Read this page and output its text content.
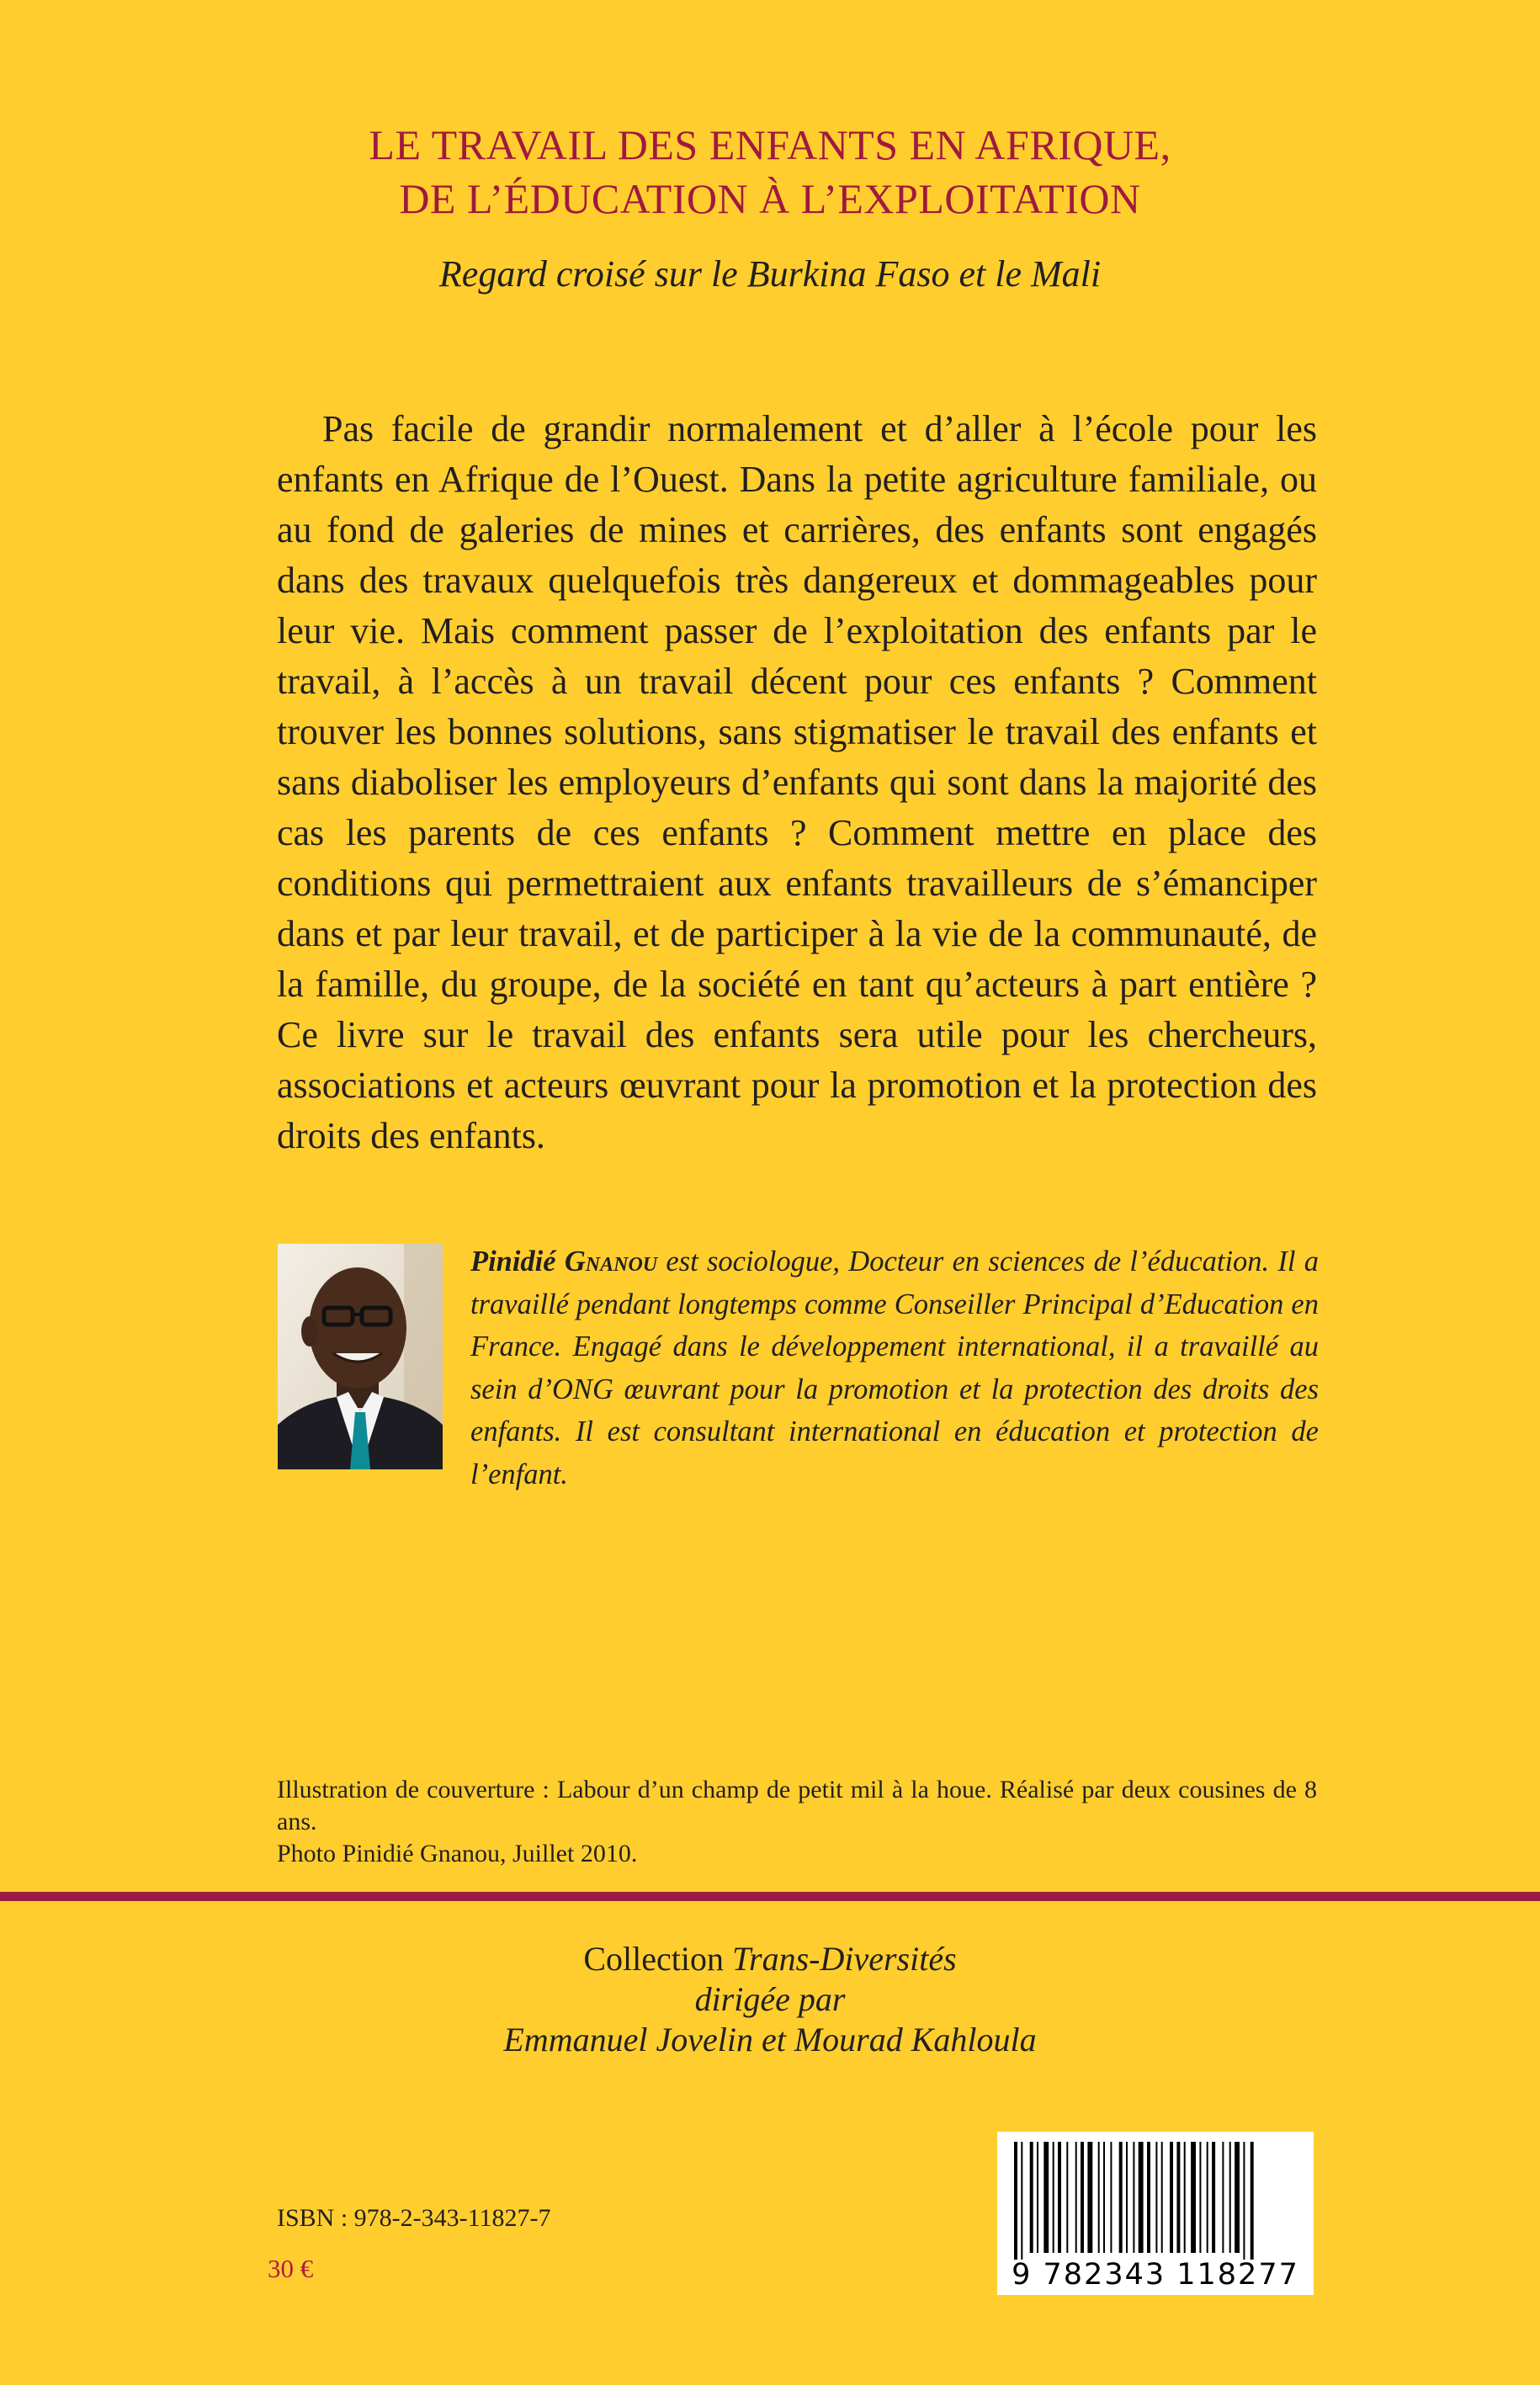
LE TRAVAIL DES ENFANTS EN AFRIQUE,
DE L’ÉDUCATION À L’EXPLOITATION
Regard croisé sur le Burkina Faso et le Mali

Pas facile de grandir normalement et d’aller à l’école pour les enfants en Afrique de l’Ouest. Dans la petite agriculture familiale, ou au fond de galeries de mines et carrières, des enfants sont engagés dans des travaux quelquefois très dangereux et dommageables pour leur vie. Mais comment passer de l’exploitation des enfants par le travail, à l’accès à un travail décent pour ces enfants ? Comment trouver les bonnes solutions, sans stigmatiser le travail des enfants et sans diaboliser les employeurs d’enfants qui sont dans la majorité des cas les parents de ces enfants ? Comment mettre en place des conditions qui permettraient aux enfants travailleurs de s’émanciper dans et par leur travail, et de participer à la vie de la communauté, de la famille, du groupe, de la société en tant qu’acteurs à part entière ? Ce livre sur le travail des enfants sera utile pour les chercheurs, associations et acteurs œuvrant pour la promotion et la protection des droits des enfants.

Pinidié Gnanou est sociologue, Docteur en sciences de l’éducation. Il a travaillé pendant longtemps comme Conseiller Principal d’Education en France. Engagé dans le développement international, il a travaillé au sein d’ONG œuvrant pour la promotion et la protection des droits des enfants. Il est consultant international en éducation et protection de l’enfant.

Illustration de couverture : Labour d’un champ de petit mil à la houe. Réalisé par deux cousines de 8 ans.
Photo Pinidié Gnanou, Juillet 2010.

Collection Trans-Diversités
dirigée par
Emmanuel Jovelin et Mourad Kahloula
ISBN : 978-2-343-11827-7
30 €	9 782343 118277
